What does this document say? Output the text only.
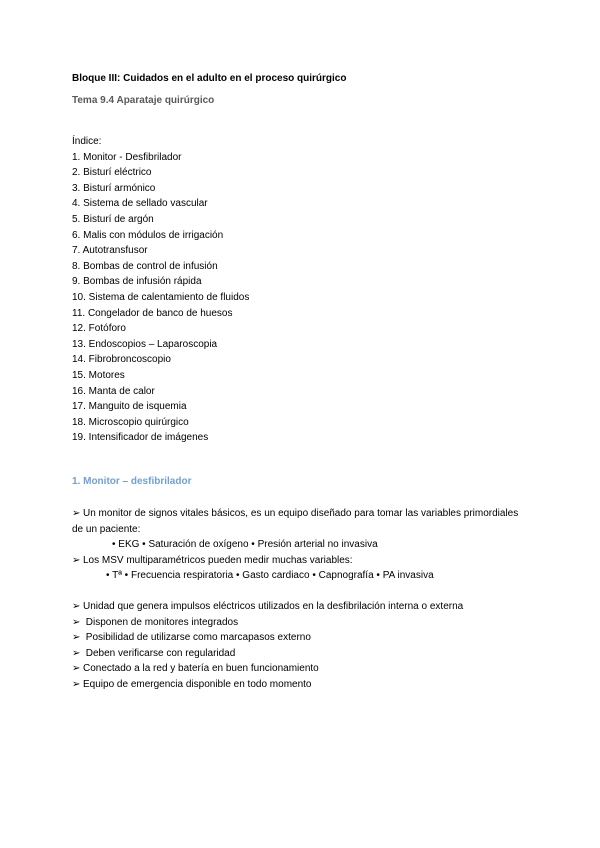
Bloque III: Cuidados en el adulto en el proceso quirúrgico
Tema 9.4 Aparataje quirúrgico
Índice:
1. Monitor - Desfibrilador
2. Bisturí eléctrico
3. Bisturí armónico
4. Sistema de sellado vascular
5. Bisturí de argón
6. Malis con módulos de irrigación
7. Autotransfusor
8. Bombas de control de infusión
9. Bombas de infusión rápida
10. Sistema de calentamiento de fluidos
11. Congelador de banco de huesos
12. Fotóforo
13. Endoscopios – Laparoscopia
14. Fibrobroncoscopio
15. Motores
16. Manta de calor
17. Manguito de isquemia
18. Microscopio quirúrgico
19. Intensificador de imágenes
1. Monitor – desfibrilador
➢ Un monitor de signos vitales básicos, es un equipo diseñado para tomar las variables primordiales de un paciente:
• EKG • Saturación de oxígeno • Presión arterial no invasiva
➢ Los MSV multiparamétricos pueden medir muchas variables:
• Tª • Frecuencia respiratoria • Gasto cardiaco • Capnografía • PA invasiva
➢ Unidad que genera impulsos eléctricos utilizados en la desfibrilación interna o externa
➢ Disponen de monitores integrados
➢ Posibilidad de utilizarse como marcapasos externo
➢ Deben verificarse con regularidad
➢ Conectado a la red y batería en buen funcionamiento
➢ Equipo de emergencia disponible en todo momento
